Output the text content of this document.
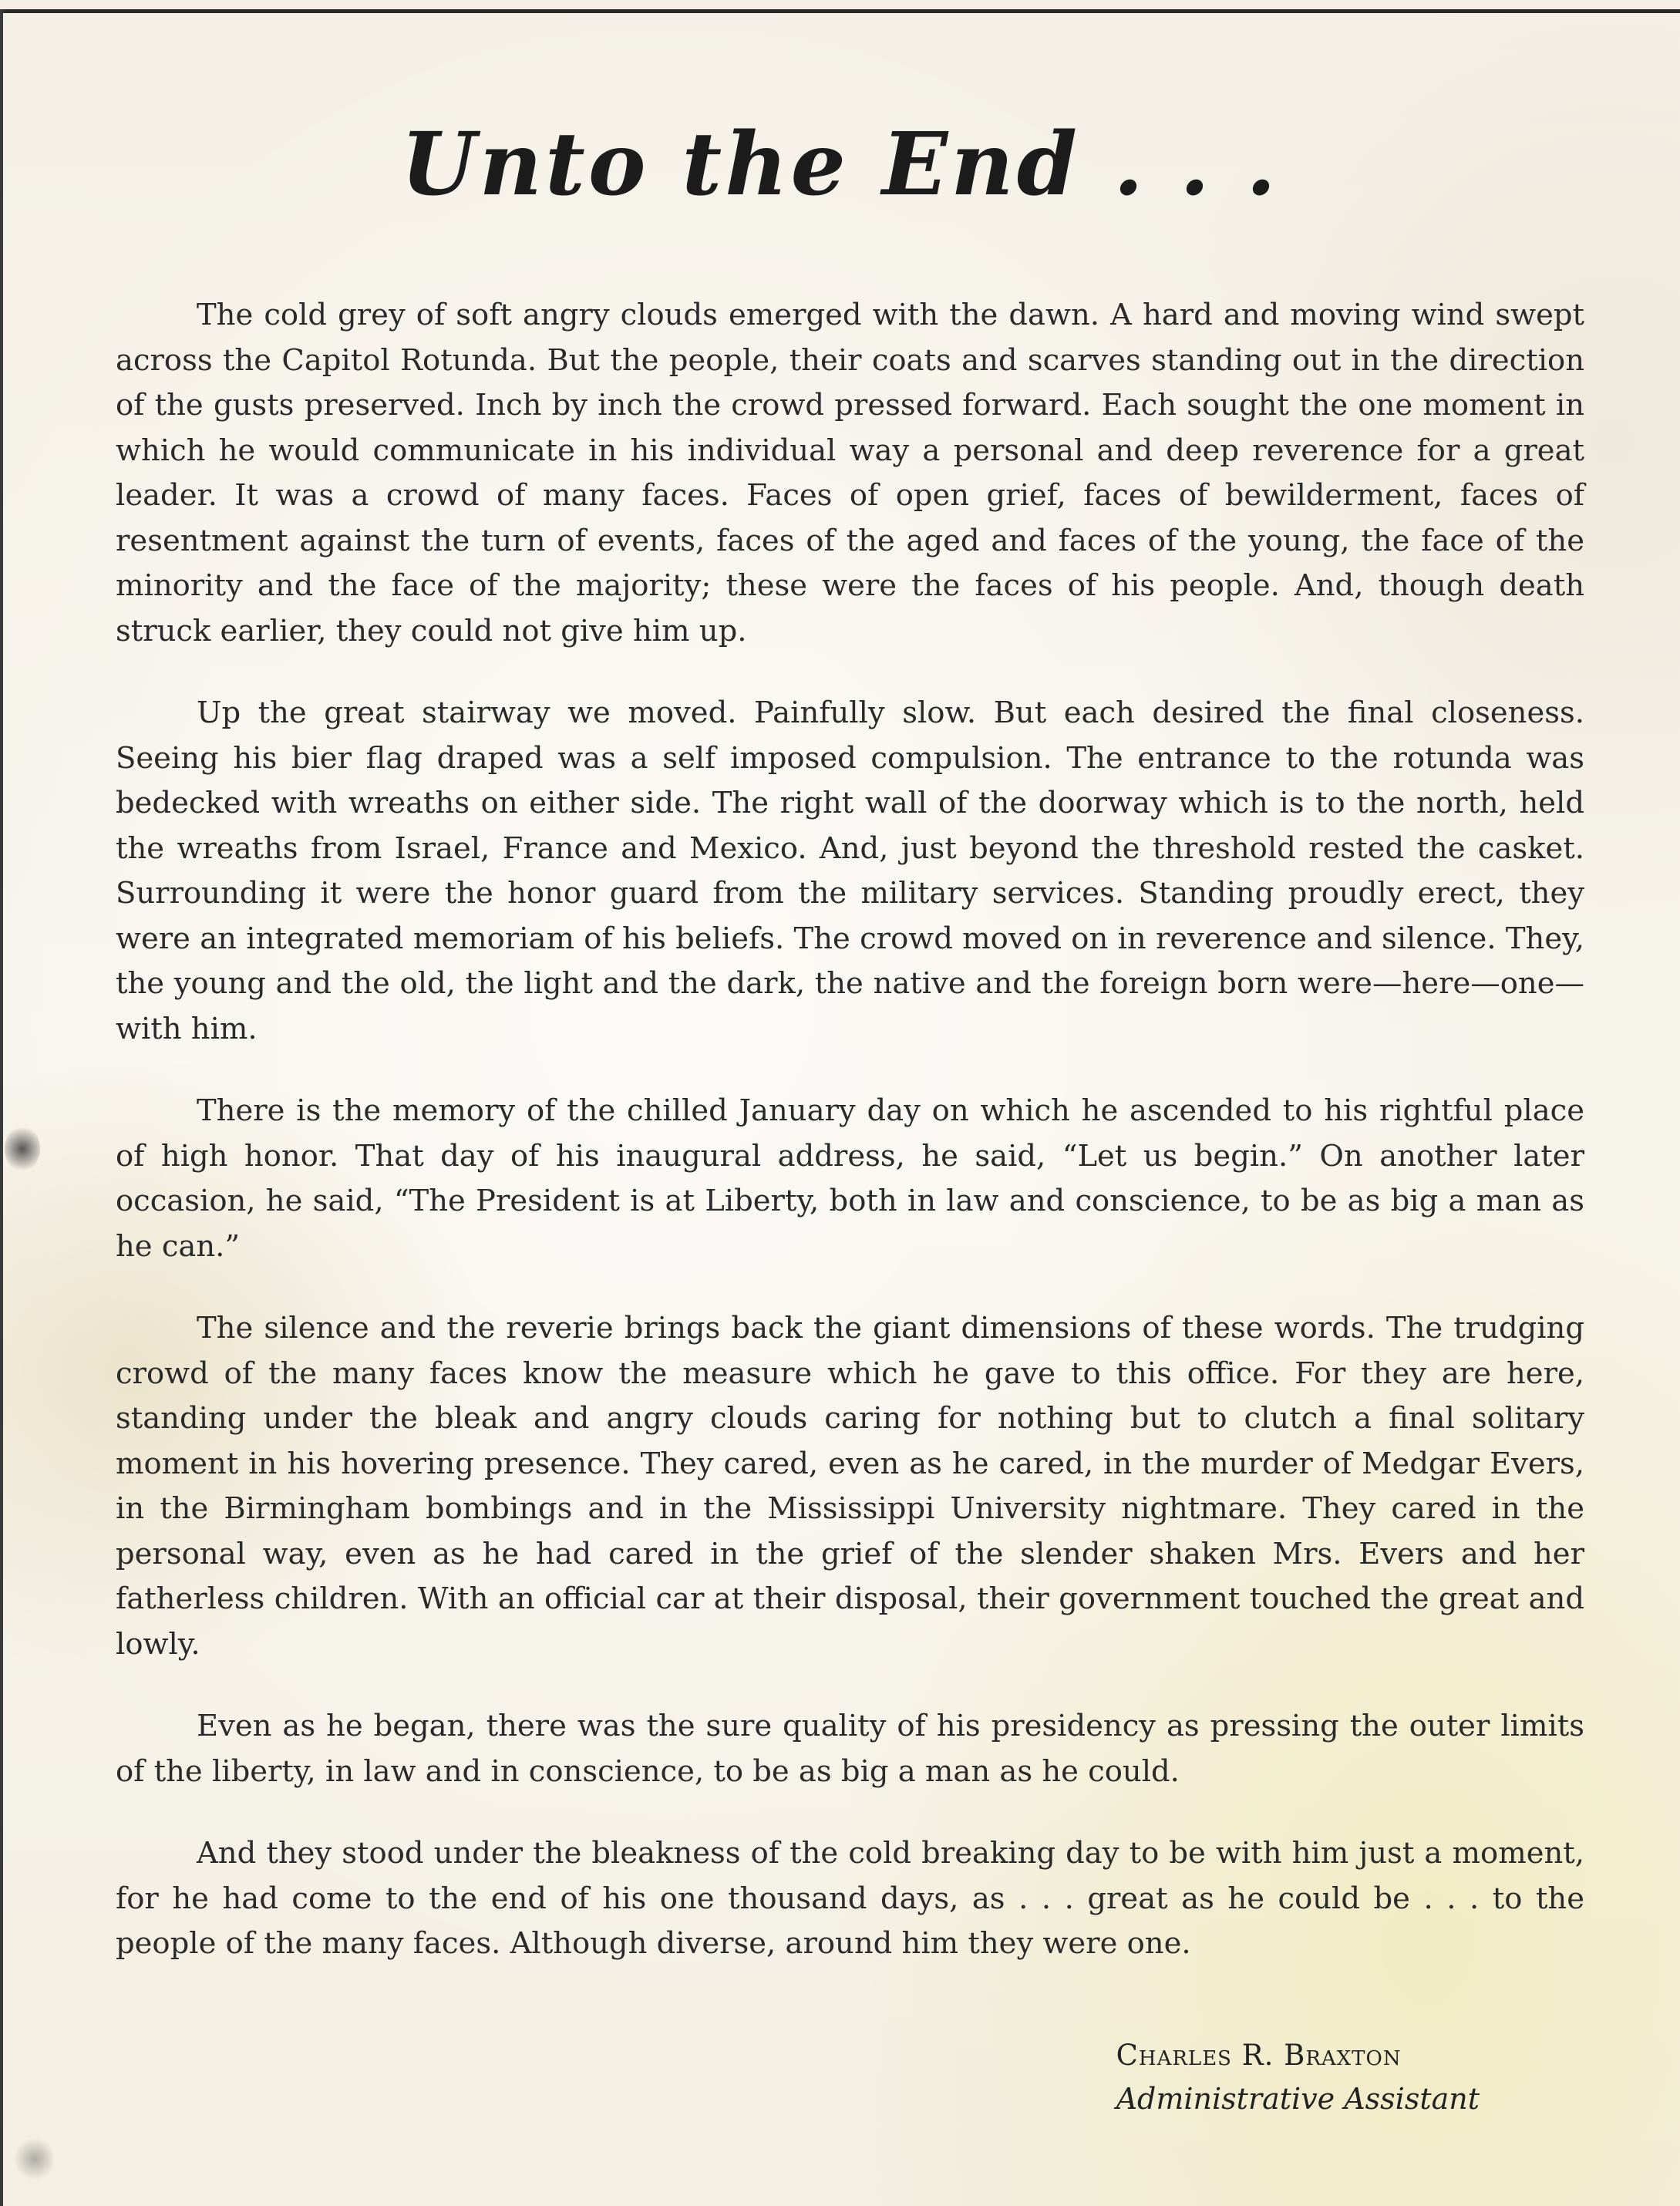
Unto the End . . .

The cold grey of soft angry clouds emerged with the dawn. A hard and moving wind swept across the Capitol Rotunda. But the people, their coats and scarves standing out in the direction of the gusts preserved. Inch by inch the crowd pressed forward. Each sought the one moment in which he would communicate in his individual way a personal and deep reverence for a great leader. It was a crowd of many faces. Faces of open grief, faces of bewilderment, faces of resentment against the turn of events, faces of the aged and faces of the young, the face of the minority and the face of the majority; these were the faces of his people. And, though death struck earlier, they could not give him up.

Up the great stairway we moved. Painfully slow. But each desired the final closeness. Seeing his bier flag draped was a self imposed compulsion. The entrance to the rotunda was bedecked with wreaths on either side. The right wall of the doorway which is to the north, held the wreaths from Israel, France and Mexico. And, just beyond the threshold rested the casket. Surrounding it were the honor guard from the military services. Standing proudly erect, they were an integrated memoriam of his beliefs. The crowd moved on in reverence and silence. They, the young and the old, the light and the dark, the native and the foreign born were—here—one—with him.

There is the memory of the chilled January day on which he ascended to his rightful place of high honor. That day of his inaugural address, he said, “Let us begin.” On another later occasion, he said, “The President is at Liberty, both in law and conscience, to be as big a man as he can.”

The silence and the reverie brings back the giant dimensions of these words. The trudging crowd of the many faces know the measure which he gave to this office. For they are here, standing under the bleak and angry clouds caring for nothing but to clutch a final solitary moment in his hovering presence. They cared, even as he cared, in the murder of Medgar Evers, in the Birmingham bombings and in the Mississippi University nightmare. They cared in the personal way, even as he had cared in the grief of the slender shaken Mrs. Evers and her fatherless children. With an official car at their disposal, their government touched the great and lowly.

Even as he began, there was the sure quality of his presidency as pressing the outer limits of the liberty, in law and in conscience, to be as big a man as he could.

And they stood under the bleakness of the cold breaking day to be with him just a moment, for he had come to the end of his one thousand days, as . . . great as he could be . . . to the people of the many faces. Although diverse, around him they were one.

Charles R. Braxton
Administrative Assistant
